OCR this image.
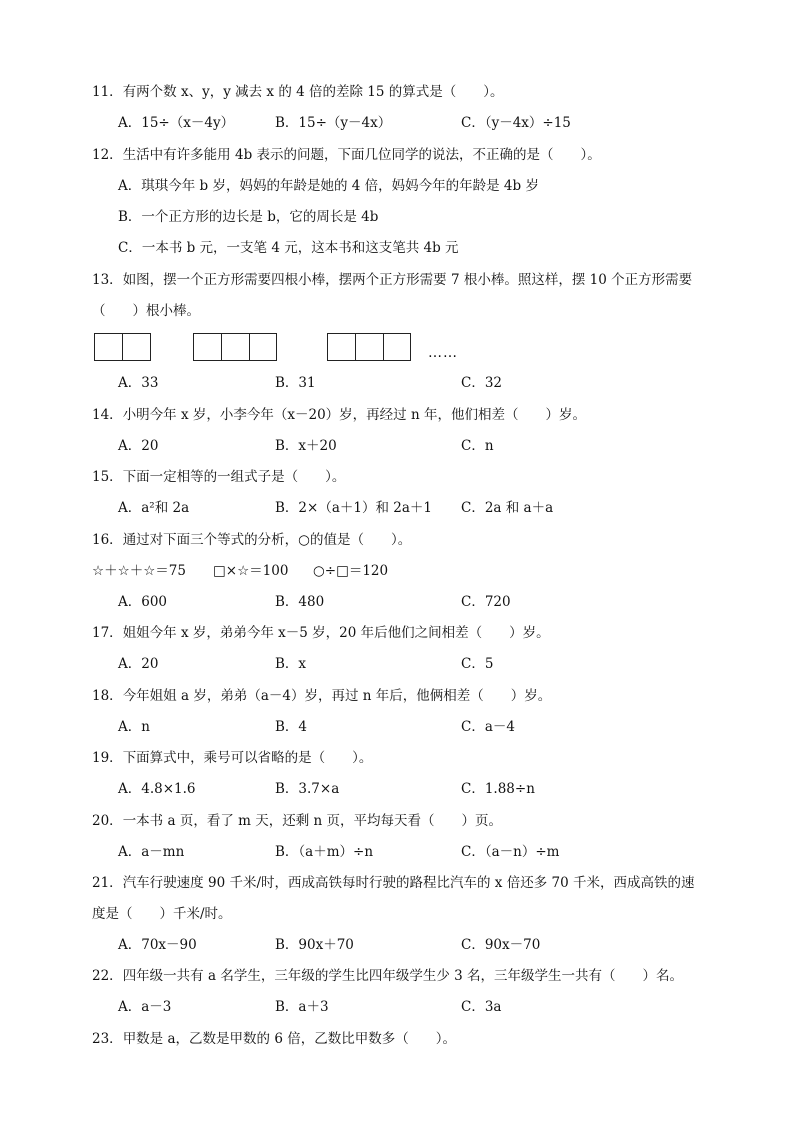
11．有两个数 x、y，y 减去 x 的 4 倍的差除 15 的算式是（　　）。
A．15÷（x－4y）	B．15÷（y－4x）	C．（y－4x）÷15
12．生活中有许多能用 4b 表示的问题，下面几位同学的说法，不正确的是（　　）。
A．琪琪今年 b 岁，妈妈的年龄是她的 4 倍，妈妈今年的年龄是 4b 岁
B．一个正方形的边长是 b，它的周长是 4b
C．一本书 b 元，一支笔 4 元，这本书和这支笔共 4b 元
13．如图，摆一个正方形需要四根小棒，摆两个正方形需要 7 根小棒。照这样，摆 10 个正方形需要
（　　）根小棒。
……
A．33	B．31	C．32
14．小明今年 x 岁，小李今年（x－20）岁，再经过 n 年，他们相差（　　）岁。
A．20	B．x＋20	C．n
15．下面一定相等的一组式子是（　　）。
A．a²和 2a	B．2×（a＋1）和 2a＋1 C．2a 和 a＋a
16．通过对下面三个等式的分析，○的值是（　　）。
☆＋☆＋☆＝75 □×☆＝100 ○÷□＝120
A．600	B．480	C．720
17．姐姐今年 x 岁，弟弟今年 x－5 岁，20 年后他们之间相差（　　）岁。
A．20	B．x	C．5
18．今年姐姐 a 岁，弟弟（a－4）岁，再过 n 年后，他俩相差（　　）岁。
A．n	B．4	C．a－4
19．下面算式中，乘号可以省略的是（　　）。
A．4.8×1.6	B．3.7×a	C．1.88÷n
20．一本书 a 页，看了 m 天，还剩 n 页，平均每天看（　　）页。
A．a－mn	B．（a＋m）÷n	C．（a－n）÷m
21．汽车行驶速度 90 千米/时，西成高铁每时行驶的路程比汽车的 x 倍还多 70 千米，西成高铁的速
度是（　　）千米/时。
A．70x－90	B．90x＋70	C．90x－70
22．四年级一共有 a 名学生，三年级的学生比四年级学生少 3 名，三年级学生一共有（　　）名。
A．a－3	B．a＋3	C．3a
23．甲数是 a，乙数是甲数的 6 倍，乙数比甲数多（　　）。
